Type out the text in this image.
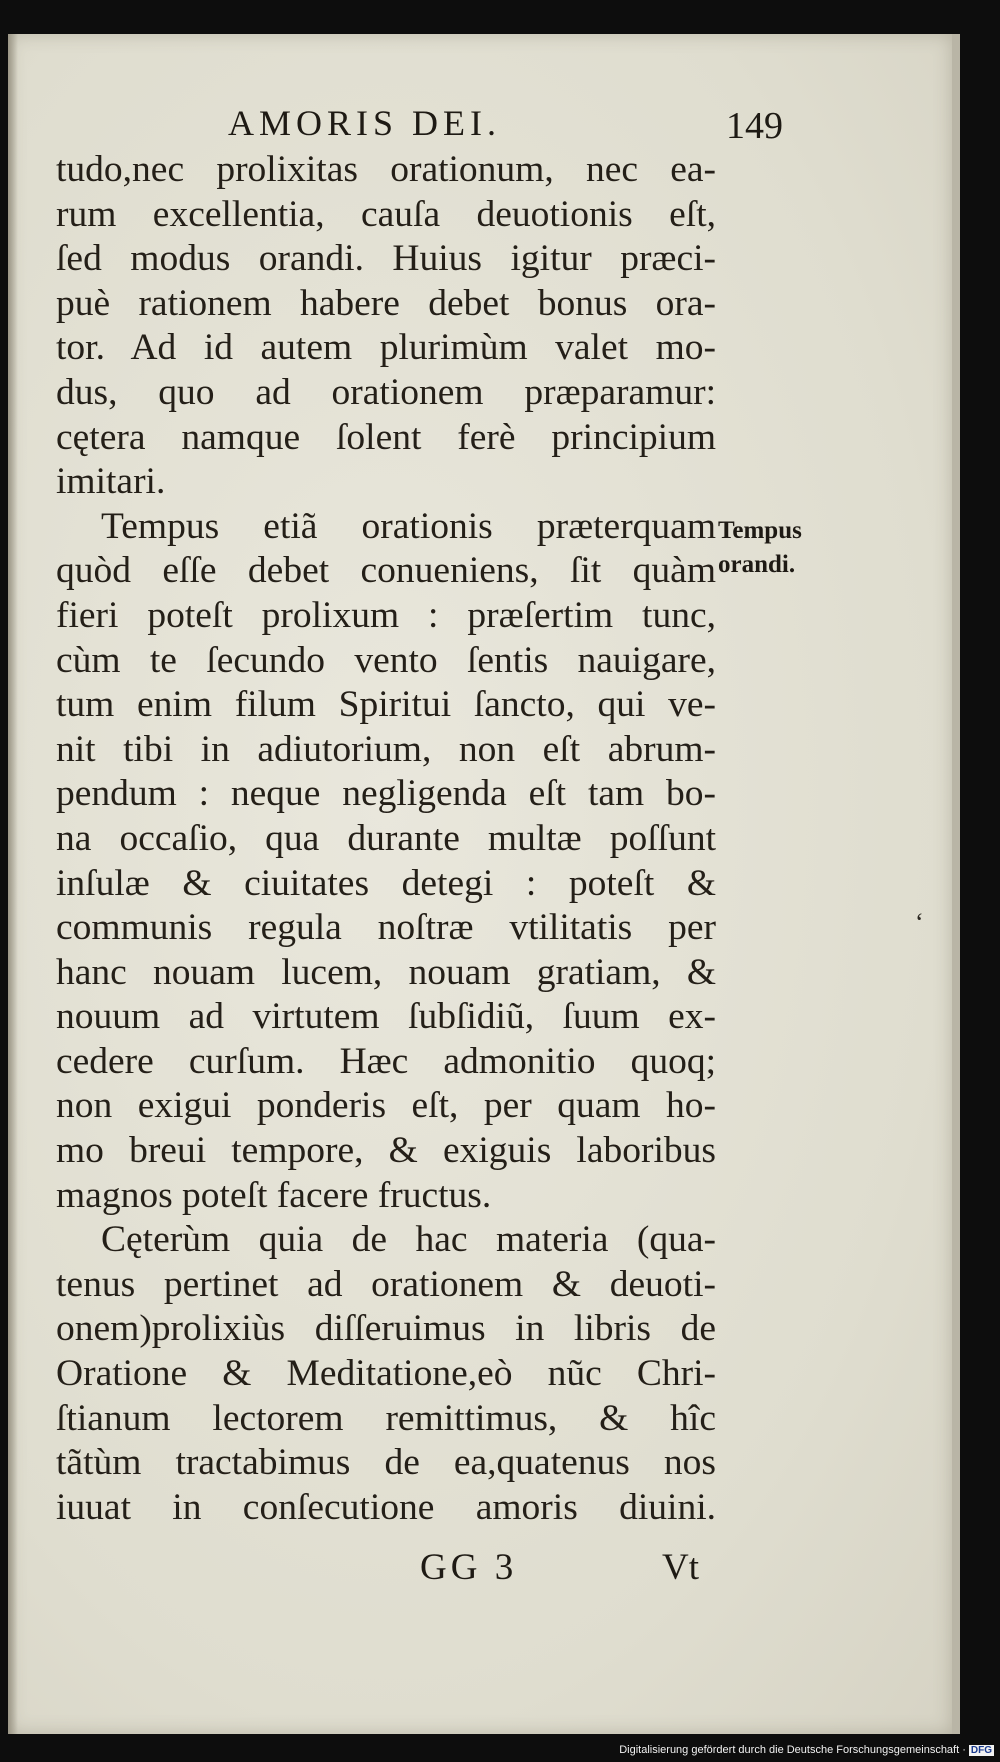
AMORIS DEI.	149
tudo,nec prolixitas orationum, nec ea-
rum excellentia, cauſa deuotionis eſt,
ſed modus orandi. Huius igitur præci-
puè rationem habere debet bonus ora-
tor. Ad id autem plurimùm valet mo-
dus, quo ad orationem præparamur:
cętera namque ſolent ferè principium
imitari.
Tempus etiã orationis præterquam
quòd eſſe debet conueniens, ſit quàm
fieri poteſt prolixum : præſertim tunc,
cùm te ſecundo vento ſentis nauigare,
tum enim filum Spiritui ſancto, qui ve-
nit tibi in adiutorium, non eſt abrum-
pendum : neque negligenda eſt tam bo-
na occaſio, qua durante multæ poſſunt
inſulæ & ciuitates detegi : poteſt &
communis regula noſtræ vtilitatis per
hanc nouam lucem, nouam gratiam, &
nouum ad virtutem ſubſidiũ, ſuum ex-
cedere curſum. Hæc admonitio quoq;
non exigui ponderis eſt, per quam ho-
mo breui tempore, & exiguis laboribus
magnos poteſt facere fructus.
Cęterùm quia de hac materia (qua-
tenus pertinet ad orationem & deuoti-
onem)prolixiùs diſſeruimus in libris de
Oratione & Meditatione,eò nũc Chri-
ſtianum lectorem remittimus, & hîc
tãtùm tractabimus de ea,quatenus nos
iuuat in conſecutione amoris diuini.
Tempus
orandi.
GG 3	Vt
‘
Digitalisierung gefördert durch die Deutsche Forschungsgemeinschaft · DFG
